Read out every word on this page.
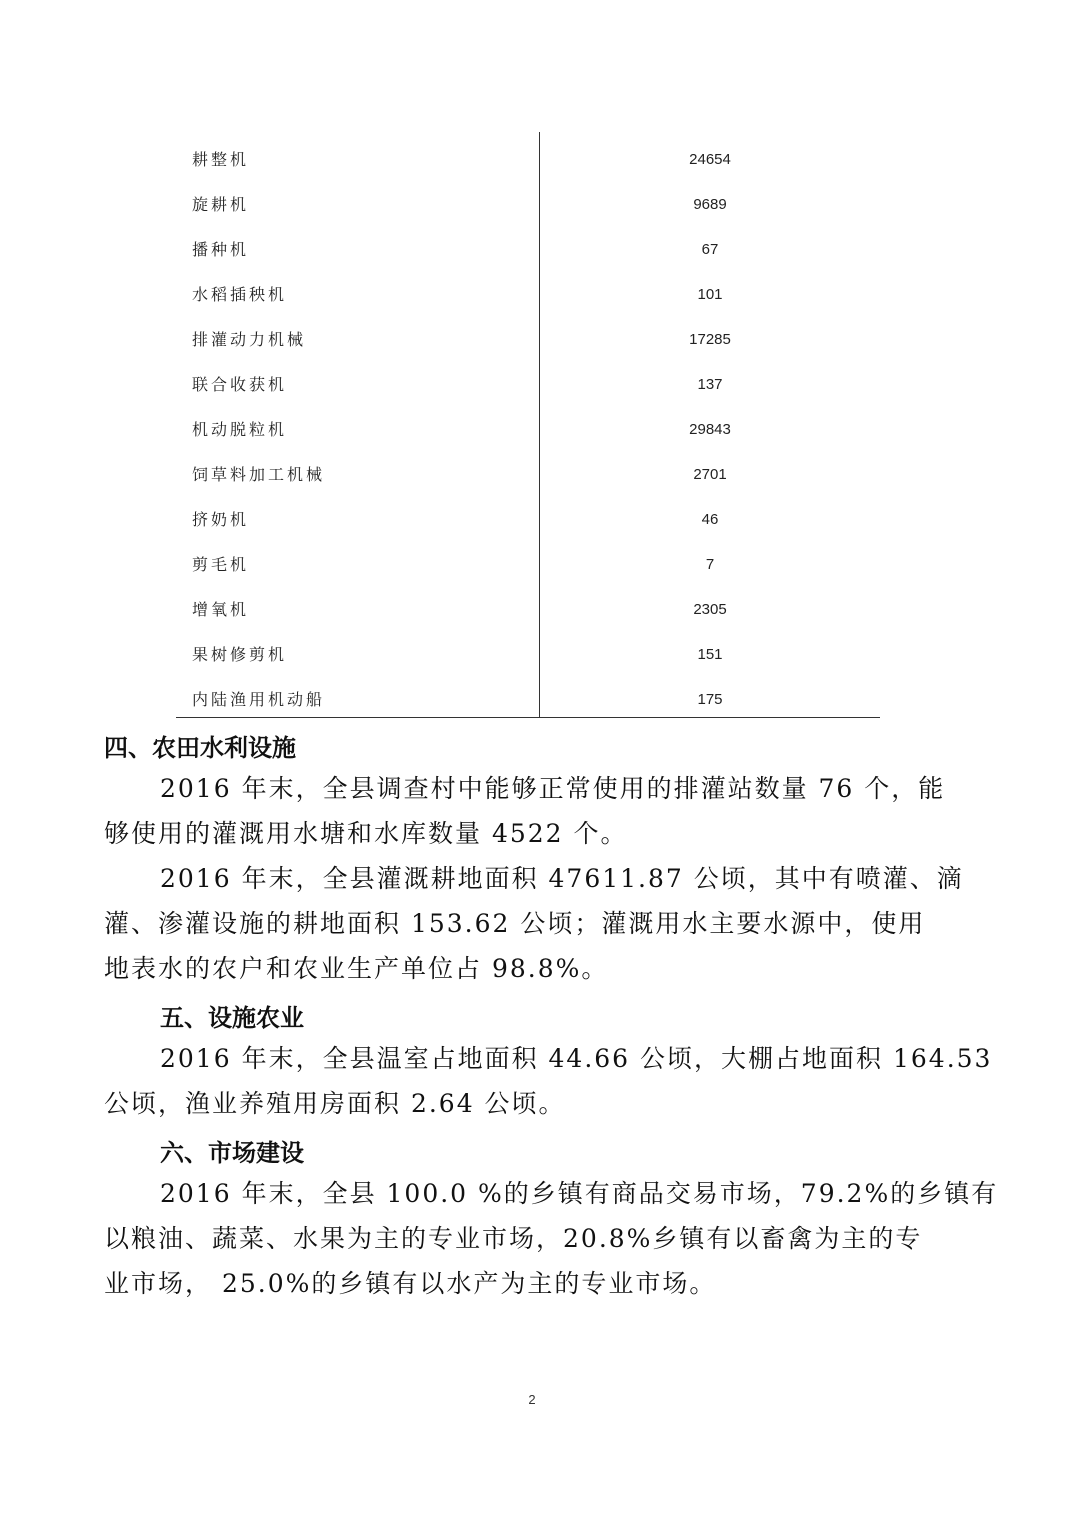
耕整机	24654
旋耕机	9689
播种机	67
水稻插秧机	101
排灌动力机械	17285
联合收获机	137
机动脱粒机	29843
饲草料加工机械	2701
挤奶机	46
剪毛机	7
增氧机	2305
果树修剪机	151
内陆渔用机动船	175
四、农田水利设施
2016 年末，全县调查村中能够正常使用的排灌站数量 76 个，能
够使用的灌溉用水塘和水库数量 4522 个。
2016 年末，全县灌溉耕地面积 47611.87 公顷，其中有喷灌、滴
灌、渗灌设施的耕地面积 153.62 公顷；灌溉用水主要水源中，使用
地表水的农户和农业生产单位占 98.8%。
五、设施农业
2016 年末，全县温室占地面积 44.66 公顷，大棚占地面积 164.53
公顷，渔业养殖用房面积 2.64 公顷。
六、市场建设
2016 年末，全县 100.0 %的乡镇有商品交易市场，79.2%的乡镇有
以粮油、蔬菜、水果为主的专业市场，20.8%乡镇有以畜禽为主的专
业市场， 25.0%的乡镇有以水产为主的专业市场。
2
